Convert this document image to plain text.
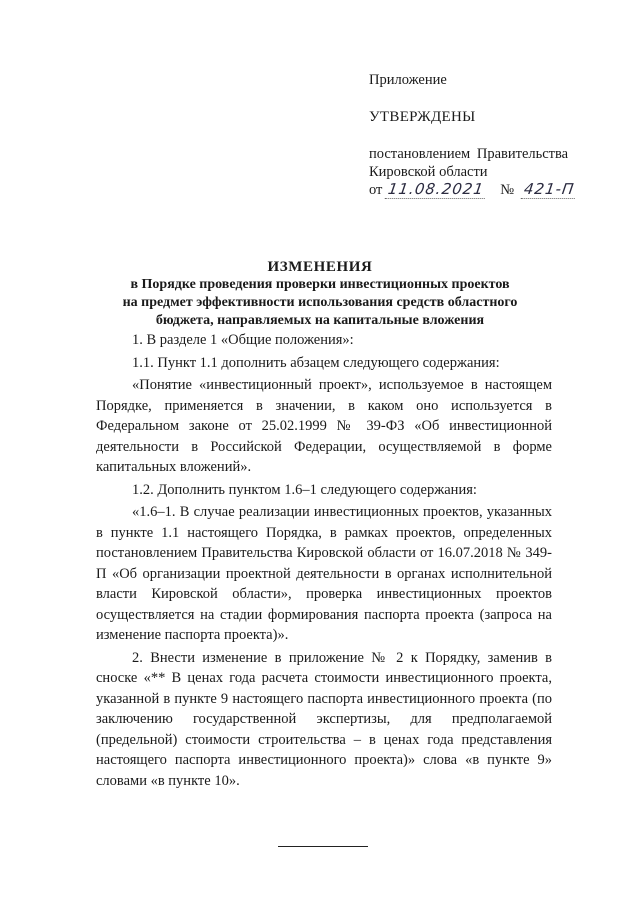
Приложение
УТВЕРЖДЕНЫ
постановлением Правительства
Кировской области
от 11.08.2021 № 421-П
ИЗМЕНЕНИЯ
в Порядке проведения проверки инвестиционных проектов
на предмет эффективности использования средств областного
бюджета, направляемых на капитальные вложения

1. В разделе 1 «Общие положения»:

1.1. Пункт 1.1 дополнить абзацем следующего содержания:

«Понятие «инвестиционный проект», используемое в настоящем Порядке, применяется в значении, в каком оно используется в Федеральном законе от 25.02.1999 № 39-ФЗ «Об инвестиционной деятельности в Российской Федерации, осуществляемой в форме капитальных вложений».

1.2. Дополнить пунктом 1.6–1 следующего содержания:

«1.6–1. В случае реализации инвестиционных проектов, указанных в пункте 1.1 настоящего Порядка, в рамках проектов, определенных постановлением Правительства Кировской области от 16.07.2018 № 349-П «Об организации проектной деятельности в органах исполнительной власти Кировской области», проверка инвестиционных проектов осуществляется на стадии формирования паспорта проекта (запроса на изменение паспорта проекта)».

2. Внести изменение в приложение № 2 к Порядку, заменив в сноске «** В ценах года расчета стоимости инвестиционного проекта, указанной в пункте 9 настоящего паспорта инвестиционного проекта (по заключению государственной экспертизы, для предполагаемой (предельной) стоимости строительства – в ценах года представления настоящего паспорта инвестиционного проекта)» слова «в пункте 9» словами «в пункте 10».
